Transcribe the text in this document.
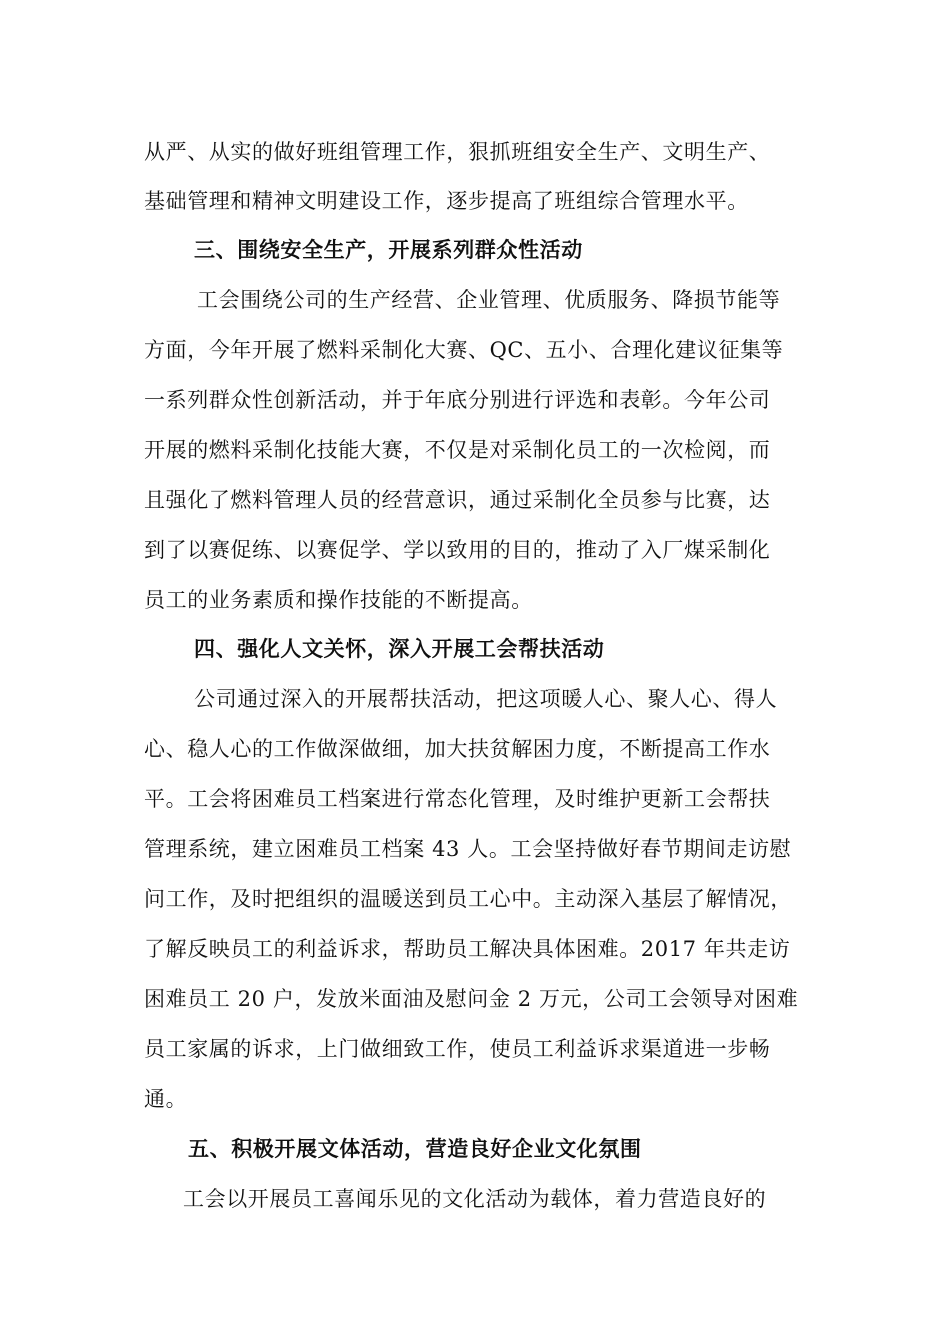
从严、从实的做好班组管理工作，狠抓班组安全生产、文明生产、
基础管理和精神文明建设工作，逐步提高了班组综合管理水平。
三、围绕安全生产，开展系列群众性活动
工会围绕公司的生产经营、企业管理、优质服务、降损节能等
方面，今年开展了燃料采制化大赛、QC、五小、合理化建议征集等
一系列群众性创新活动，并于年底分别进行评选和表彰。今年公司
开展的燃料采制化技能大赛，不仅是对采制化员工的一次检阅，而
且强化了燃料管理人员的经营意识，通过采制化全员参与比赛，达
到了以赛促练、以赛促学、学以致用的目的，推动了入厂煤采制化
员工的业务素质和操作技能的不断提高。
四、强化人文关怀，深入开展工会帮扶活动
公司通过深入的开展帮扶活动，把这项暖人心、聚人心、得人
心、稳人心的工作做深做细，加大扶贫解困力度，不断提高工作水
平。工会将困难员工档案进行常态化管理，及时维护更新工会帮扶
管理系统，建立困难员工档案 43 人。工会坚持做好春节期间走访慰
问工作，及时把组织的温暖送到员工心中。主动深入基层了解情况，
了解反映员工的利益诉求，帮助员工解决具体困难。2017 年共走访
困难员工 20 户，发放米面油及慰问金 2 万元，公司工会领导对困难
员工家属的诉求，上门做细致工作，使员工利益诉求渠道进一步畅
通。
五、积极开展文体活动，营造良好企业文化氛围
工会以开展员工喜闻乐见的文化活动为载体，着力营造良好的
